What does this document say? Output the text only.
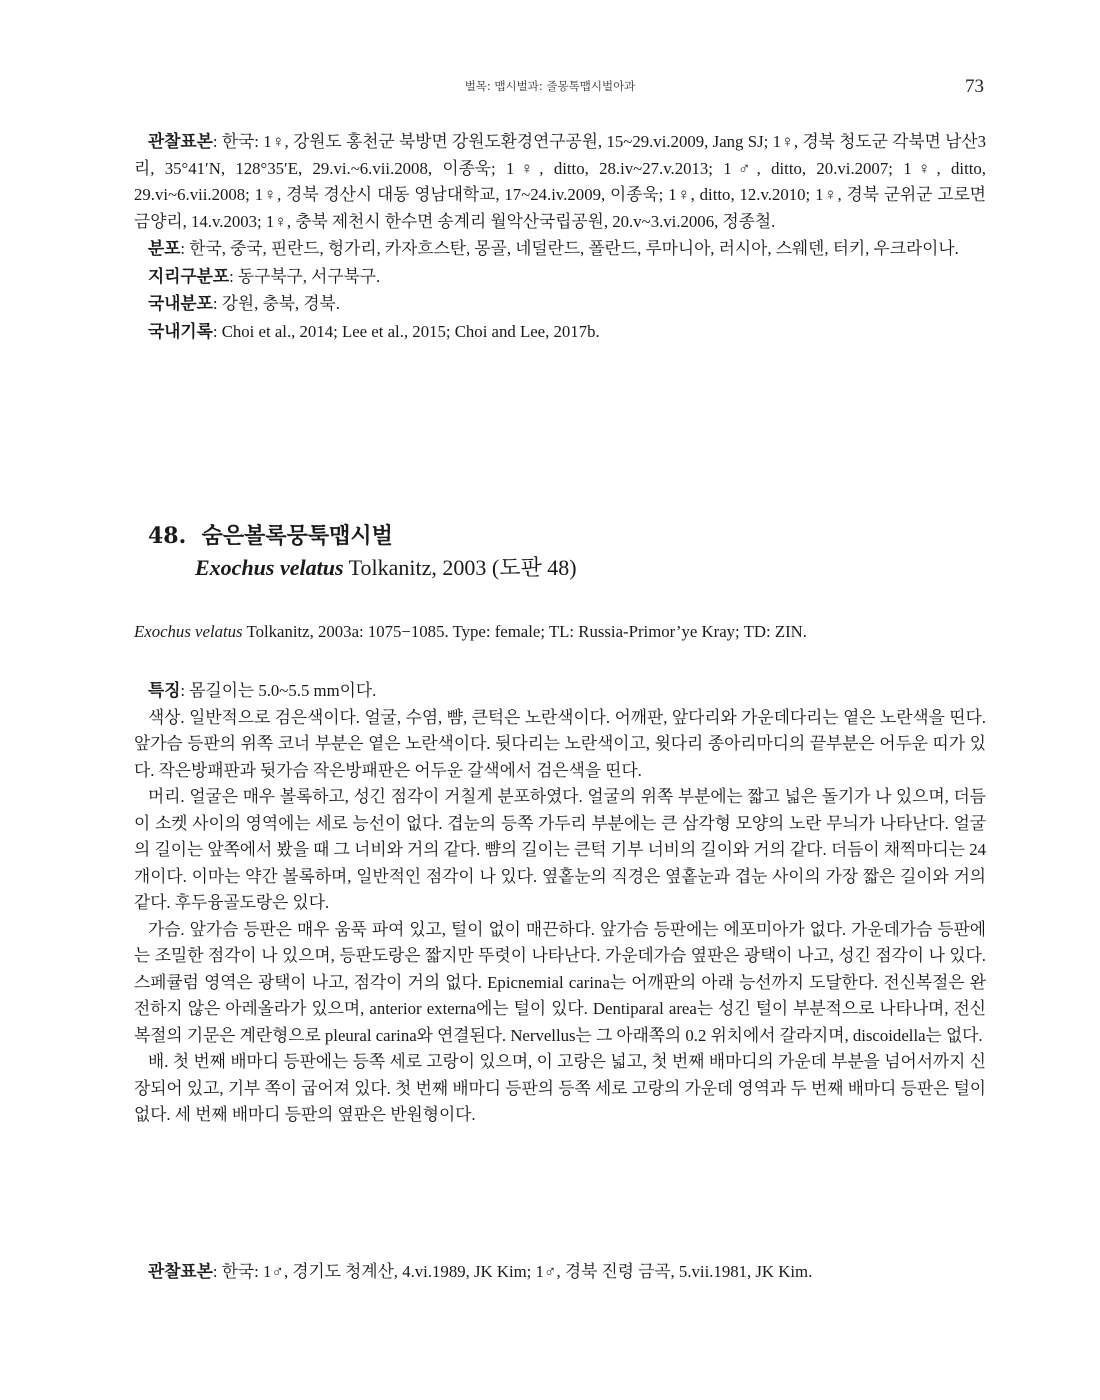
벌목: 맵시벌과: 줄몽톡맵시벌아과	73

관찰표본: 한국: 1♀, 강원도 홍천군 북방면 강원도환경연구공원, 15~29.vi.2009, Jang SJ; 1♀, 경북 청도군 각북면 남산3리, 35°41′N, 128°35′E, 29.vi.~6.vii.2008, 이종욱; 1♀, ditto, 28.iv~27.v.2013; 1♂, ditto, 20.vi.2007; 1♀, ditto, 29.vi~6.vii.2008; 1♀, 경북 경산시 대동 영남대학교, 17~24.iv.2009, 이종욱; 1♀, ditto, 12.v.2010; 1♀, 경북 군위군 고로면 금양리, 14.v.2003; 1♀, 충북 제천시 한수면 송계리 월악산국립공원, 20.v~3.vi.2006, 정종철.

분포: 한국, 중국, 핀란드, 헝가리, 카자흐스탄, 몽골, 네덜란드, 폴란드, 루마니아, 러시아, 스웨덴, 터키, 우크라이나.

지리구분포: 동구북구, 서구북구.

국내분포: 강원, 충북, 경북.

국내기록: Choi et al., 2014; Lee et al., 2015; Choi and Lee, 2017b.

48. 숨은볼록뭉툭맵시벌
Exochus velatus Tolkanitz, 2003 (도판 48)
Exochus velatus Tolkanitz, 2003a: 1075−1085. Type: female; TL: Russia-Primor’ye Kray; TD: ZIN.

특징: 몸길이는 5.0~5.5 mm이다.

색상. 일반적으로 검은색이다. 얼굴, 수염, 뺨, 큰턱은 노란색이다. 어깨판, 앞다리와 가운데다리는 옅은 노란색을 띤다. 앞가슴 등판의 위쪽 코너 부분은 옅은 노란색이다. 뒷다리는 노란색이고, 윗다리 종아리마디의 끝부분은 어두운 띠가 있다. 작은방패판과 뒷가슴 작은방패판은 어두운 갈색에서 검은색을 띤다.

머리. 얼굴은 매우 볼록하고, 성긴 점각이 거칠게 분포하였다. 얼굴의 위쪽 부분에는 짧고 넓은 돌기가 나 있으며, 더듬이 소켓 사이의 영역에는 세로 능선이 없다. 겹눈의 등쪽 가두리 부분에는 큰 삼각형 모양의 노란 무늬가 나타난다. 얼굴의 길이는 앞쪽에서 봤을 때 그 너비와 거의 같다. 뺨의 길이는 큰턱 기부 너비의 길이와 거의 같다. 더듬이 채찍마디는 24개이다. 이마는 약간 볼록하며, 일반적인 점각이 나 있다. 옆홑눈의 직경은 옆홑눈과 겹눈 사이의 가장 짧은 길이와 거의 같다. 후두융골도랑은 있다.

가슴. 앞가슴 등판은 매우 움푹 파여 있고, 털이 없이 매끈하다. 앞가슴 등판에는 에포미아가 없다. 가운데가슴 등판에는 조밀한 점각이 나 있으며, 등판도랑은 짧지만 뚜렷이 나타난다. 가운데가슴 옆판은 광택이 나고, 성긴 점각이 나 있다. 스페큘럼 영역은 광택이 나고, 점각이 거의 없다. Epicnemial carina는 어깨판의 아래 능선까지 도달한다. 전신복절은 완전하지 않은 아레올라가 있으며, anterior externa에는 털이 있다. Dentiparal area는 성긴 털이 부분적으로 나타나며, 전신복절의 기문은 계란형으로 pleural carina와 연결된다. Nervellus는 그 아래쪽의 0.2 위치에서 갈라지며, discoidella는 없다.

배. 첫 번째 배마디 등판에는 등쪽 세로 고랑이 있으며, 이 고랑은 넓고, 첫 번째 배마디의 가운데 부분을 넘어서까지 신장되어 있고, 기부 쪽이 굽어져 있다. 첫 번째 배마디 등판의 등쪽 세로 고랑의 가운데 영역과 두 번째 배마디 등판은 털이 없다. 세 번째 배마디 등판의 옆판은 반원형이다.

관찰표본: 한국: 1♂, 경기도 청계산, 4.vi.1989, JK Kim; 1♂, 경북 진령 금곡, 5.vii.1981, JK Kim.
